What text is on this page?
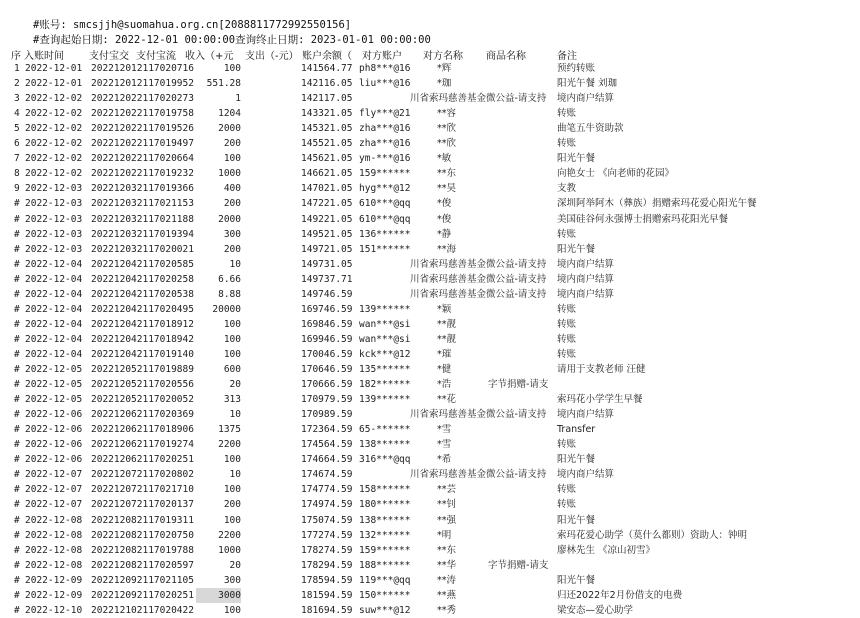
#账号: smcsjjh@suomahua.org.cn[2088811772992550156]
#查询起始日期: 2022-12-01 00:00:00查询终止日期: 2023-01-01 00:00:00
序 入账时间	支付宝交 支付宝流 收入（+元 支出（-元） 账户余额（ 对方账户 对方名称 商品名称	备注
1 2022-12-01 202212012117020716	100	141564.77 ph8***@16	*辉	预约转账
2 2022-12-01 202212012117019952	551.28	142116.05 liu***@16	*珈	阳光午餐 刘珈
3 2022-12-02 202212022117020273	1	142117.05	川省索玛慈善基金微公益-请支持	境内商户结算
4 2022-12-02 202212022117019758	1204	143321.05 fly***@21	**容	转账
5 2022-12-02 202212022117019526	2000	145321.05 zha***@16	**欣	曲笔五牛资助款
6 2022-12-02 202212022117019497	200	145521.05 zha***@16	**欣	转账
7 2022-12-02 202212022117020664	100	145621.05 ym-***@16	*敏	阳光午餐
8 2022-12-02 202212022117019232	1000	146621.05 159******	**东	向艳女士 《向老师的花园》
9 2022-12-03 202212032117019366	400	147021.05 hyg***@12	**昊	支教
# 2022-12-03 202212032117021153	200	147221.05 610***@qq	*俊	深圳阿举阿木（彝族）捐赠索玛花爱心阳光午餐
# 2022-12-03 202212032117021188	2000	149221.05 610***@qq	*俊	美国硅谷何永强博士捐赠索玛花阳光早餐
# 2022-12-03 202212032117019394	300	149521.05 136******	*静	转账
# 2022-12-03 202212032117020021	200	149721.05 151******	**海	阳光午餐
# 2022-12-04 202212042117020585	10	149731.05	川省索玛慈善基金微公益-请支持	境内商户结算
# 2022-12-04 202212042117020258	6.66	149737.71	川省索玛慈善基金微公益-请支持	境内商户结算
# 2022-12-04 202212042117020538	8.88	149746.59	川省索玛慈善基金微公益-请支持	境内商户结算
# 2022-12-04 202212042117020495	20000	169746.59 139******	*颖	转账
# 2022-12-04 202212042117018912	100	169846.59 wan***@si	**靓	转账
# 2022-12-04 202212042117018942	100	169946.59 wan***@si	**靓	转账
# 2022-12-04 202212042117019140	100	170046.59 kck***@12	*璀	转账
# 2022-12-05 202212052117019889	600	170646.59 135******	*健	请用于支教老师 汪健
# 2022-12-05 202212052117020556	20	170666.59 182******	*浩	字节捐赠-请支
# 2022-12-05 202212052117020052	313	170979.59 139******	**花	索玛花小学学生早餐
# 2022-12-06 202212062117020369	10	170989.59	川省索玛慈善基金微公益-请支持	境内商户结算
# 2022-12-06 202212062117018906	1375	172364.59 65-******	*雪	Transfer
# 2022-12-06 202212062117019274	2200	174564.59 138******	*雪	转账
# 2022-12-06 202212062117020251	100	174664.59 316***@qq	*希	阳光午餐
# 2022-12-07 202212072117020802	10	174674.59	川省索玛慈善基金微公益-请支持	境内商户结算
# 2022-12-07 202212072117021710	100	174774.59 158******	**芸	转账
# 2022-12-07 202212072117020137	200	174974.59 180******	**钊	转账
# 2022-12-08 202212082117019311	100	175074.59 138******	**强	阳光午餐
# 2022-12-08 202212082117020750	2200	177274.59 132******	*明	索玛花爱心助学（莫什么都则）资助人：钟明
# 2022-12-08 202212082117019788	1000	178274.59 159******	**东	廖林先生 《凉山初雪》
# 2022-12-08 202212082117020597	20	178294.59 188******	**华	字节捐赠-请支
# 2022-12-09 202212092117021105	300	178594.59 119***@qq	**涛	阳光午餐
# 2022-12-09 202212092117020251	3000	181594.59 150******	**燕	归还2022年2月份借支的电费
# 2022-12-10 202212102117020422	100	181694.59 suw***@12	**秀	梁安态—爱心助学
